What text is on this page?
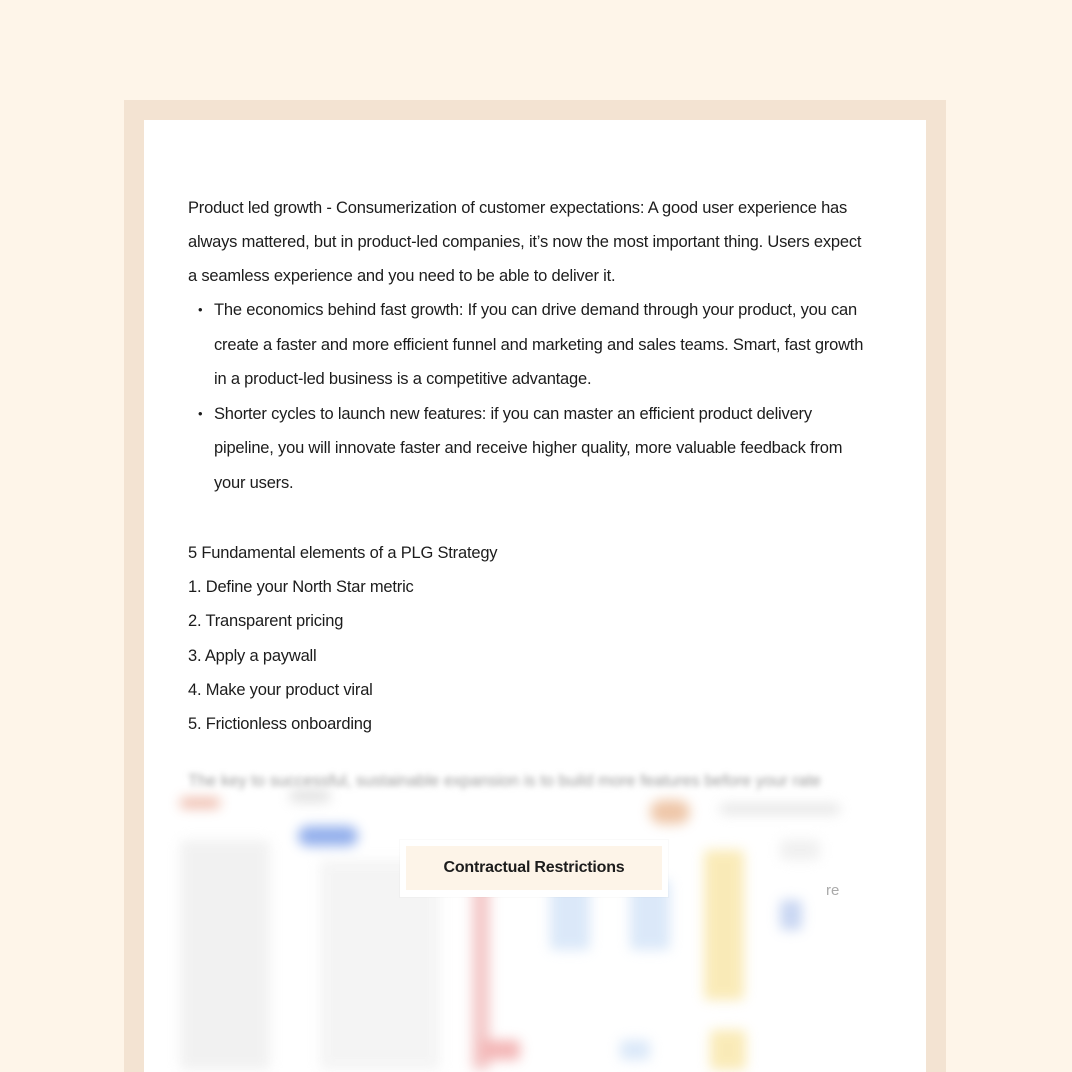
Product led growth - Consumerization of customer expectations: A good user experience has always mattered, but in product-led companies, it’s now the most important thing. Users expect a seamless experience and you need to be able to deliver it.

• The economics behind fast growth: If you can drive demand through your product, you can create a faster and more efficient funnel and marketing and sales teams. Smart, fast growth in a product-led business is a competitive advantage.
• Shorter cycles to launch new features: if you can master an efficient product delivery pipeline, you will innovate faster and receive higher quality, more valuable feedback from your users.

5 Fundamental elements of a PLG Strategy

1. Define your North Star metric

2. Transparent pricing

3. Apply a paywall

4. Make your product viral

5. Frictionless onboarding

The key to successful, sustainable expansion is to build more features before your rate
re
Contractual Restrictions
